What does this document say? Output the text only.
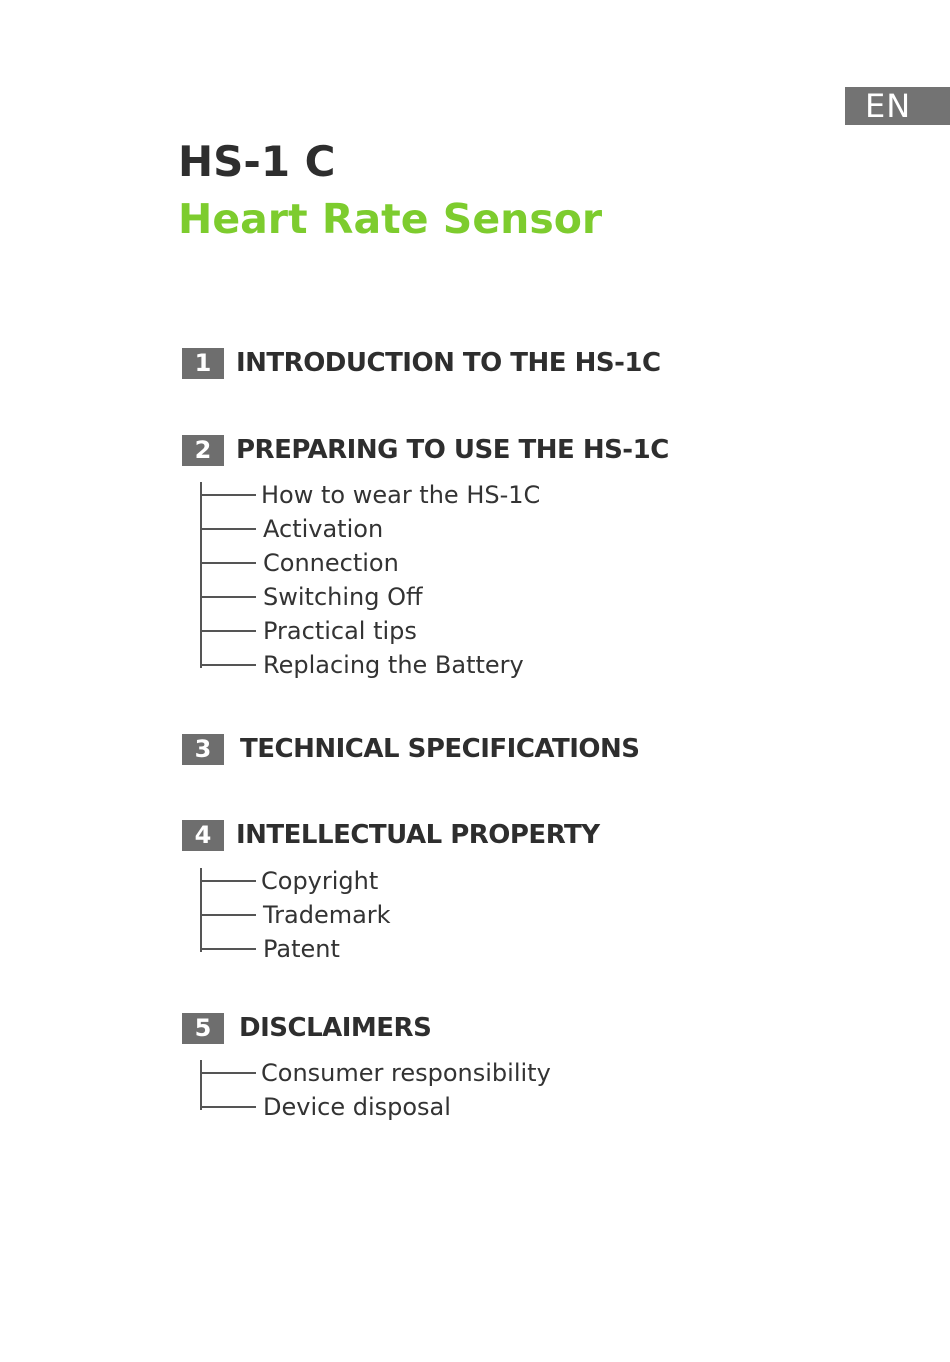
EN
HS-1 C
Heart Rate Sensor
1 INTRODUCTION TO THE HS-1C
2 PREPARING TO USE THE HS-1C
How to wear the HS-1C
Activation
Connection
Switching Off
Practical tips
Replacing the Battery
3	TECHNICAL SPECIFICATIONS
4 INTELLECTUAL PROPERTY
Copyright
Trademark
Patent
5	DISCLAIMERS
Consumer responsibility
Device disposal
